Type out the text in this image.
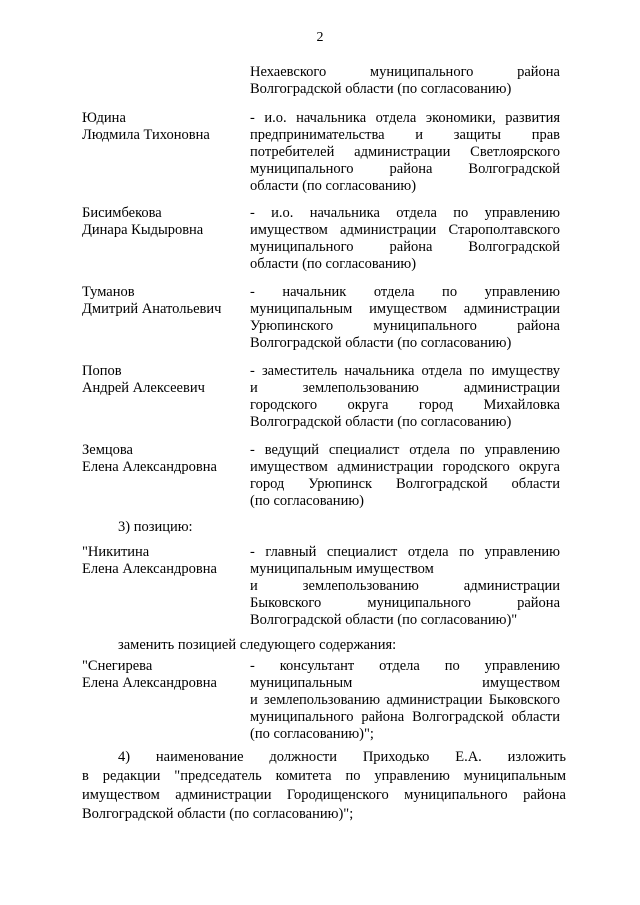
2
Нехаевского муниципального района
Волгоградской области (по согласованию)
Юдина
Людмила Тихоновна
- и.о. начальника отдела экономики, развития
предпринимательства и защиты прав
потребителей администрации Светлоярского
муниципального района Волгоградской
области (по согласованию)
Бисимбекова
Динара Кыдыровна
- и.о. начальника отдела по управлению
имуществом администрации Старополтавского
муниципального района Волгоградской
области (по согласованию)
Туманов
Дмитрий Анатольевич
- начальник отдела по управлению
муниципальным имуществом администрации
Урюпинского муниципального района
Волгоградской области (по согласованию)
Попов
Андрей Алексеевич
- заместитель начальника отдела по имуществу
и землепользованию администрации
городского округа город Михайловка
Волгоградской области (по согласованию)
Земцова
Елена Александровна
- ведущий специалист отдела по управлению
имуществом администрации городского округа
город Урюпинск Волгоградской области
(по согласованию)
3) позицию:
"Никитина
Елена Александровна
- главный специалист отдела по управлению
муниципальным имуществом
и землепользованию администрации
Быковского муниципального района
Волгоградской области (по согласованию)"
заменить позицией следующего содержания:
"Снегирева
Елена Александровна
- консультант отдела по управлению
муниципальным имуществом
и землепользованию администрации Быковского
муниципального района Волгоградской области
(по согласованию)";
4) наименование должности Приходько Е.А. изложить
в редакции "председатель комитета по управлению муниципальным
имуществом администрации Городищенского муниципального района
Волгоградской области (по согласованию)";
